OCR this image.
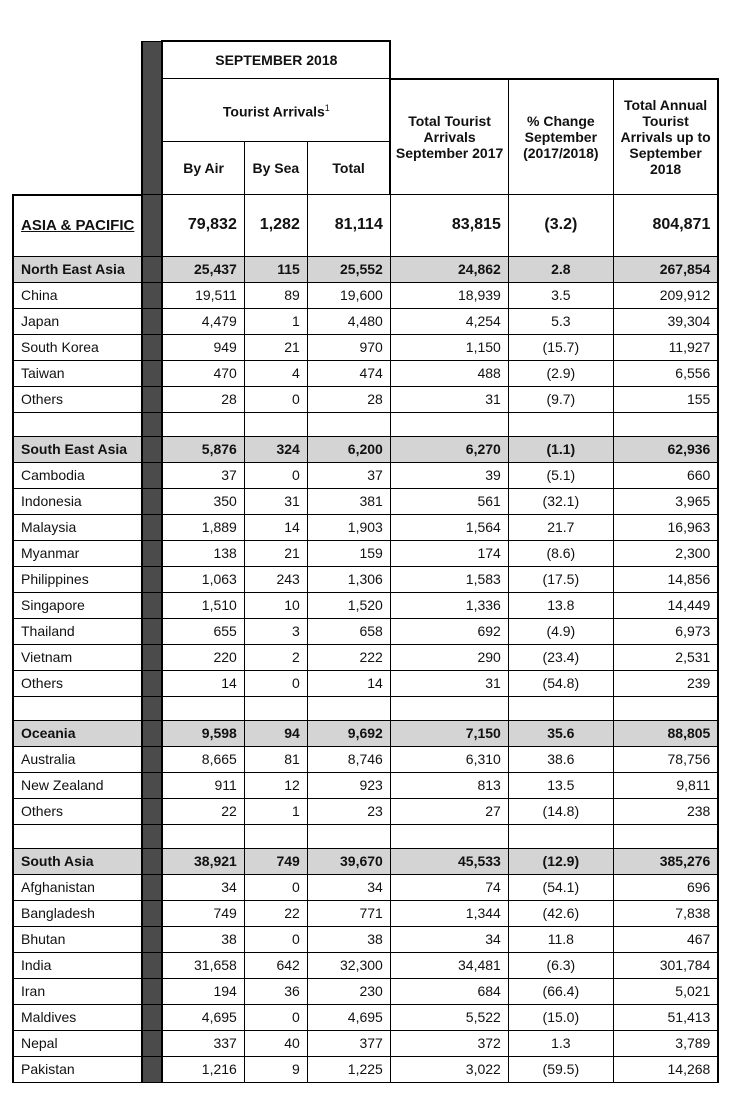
		SEPTEMBER 2018					
		Tourist Arrivals$^1$			Total Tourist Arrivals September 2017	% Change September (2017/2018)	Total Annual Tourist Arrivals up to September 2018
		By Air	By Sea	Total			
ASIA & PACIFIC		79,832	1,282	81,114	83,815	(3.2)	804,871
North East Asia		25,437	115	25,552	24,862	2.8	267,854
China		19,511	89	19,600	18,939	3.5	209,912
Japan		4,479	1	4,480	4,254	5.3	39,304
South Korea		949	21	970	1,150	(15.7)	11,927
Taiwan		470	4	474	488	(2.9)	6,556
Others		28	0	28	31	(9.7)	155

South East Asia		5,876	324	6,200	6,270	(1.1)	62,936
Cambodia		37	0	37	39	(5.1)	660
Indonesia		350	31	381	561	(32.1)	3,965
Malaysia		1,889	14	1,903	1,564	21.7	16,963
Myanmar		138	21	159	174	(8.6)	2,300
Philippines		1,063	243	1,306	1,583	(17.5)	14,856
Singapore		1,510	10	1,520	1,336	13.8	14,449
Thailand		655	3	658	692	(4.9)	6,973
Vietnam		220	2	222	290	(23.4)	2,531
Others		14	0	14	31	(54.8)	239

Oceania		9,598	94	9,692	7,150	35.6	88,805
Australia		8,665	81	8,746	6,310	38.6	78,756
New Zealand		911	12	923	813	13.5	9,811
Others		22	1	23	27	(14.8)	238

South Asia		38,921	749	39,670	45,533	(12.9)	385,276
Afghanistan		34	0	34	74	(54.1)	696
Bangladesh		749	22	771	1,344	(42.6)	7,838
Bhutan		38	0	38	34	11.8	467
India		31,658	642	32,300	34,481	(6.3)	301,784
Iran		194	36	230	684	(66.4)	5,021
Maldives		4,695	0	4,695	5,522	(15.0)	51,413
Nepal		337	40	377	372	1.3	3,789
Pakistan		1,216	9	1,225	3,022	(59.5)	14,268
